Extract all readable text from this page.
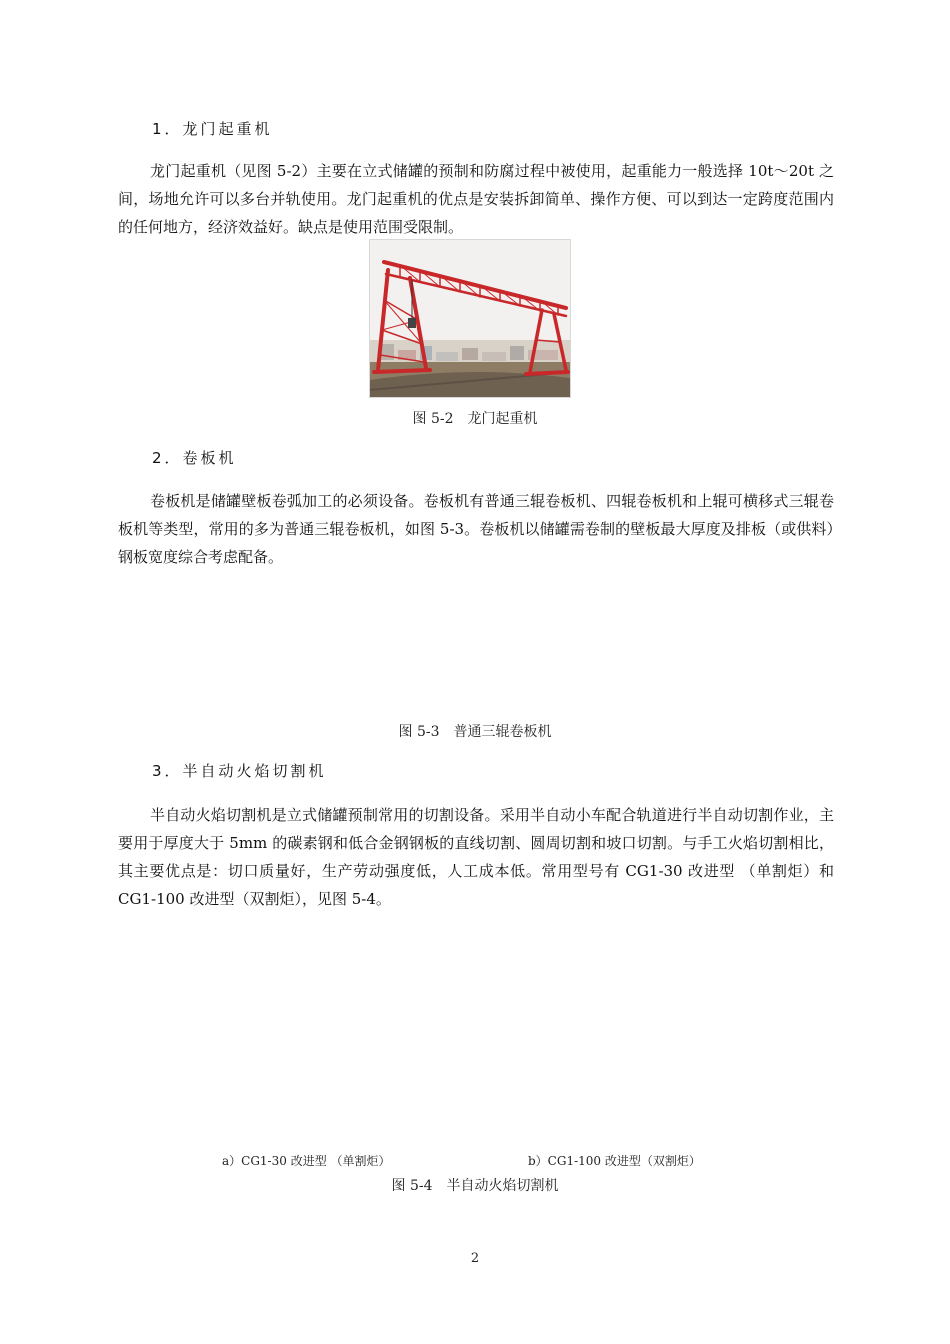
1．龙门起重机
龙门起重机（见图 5-2）主要在立式储罐的预制和防腐过程中被使用，起重能力一般选择 10t～20t 之间，场地允许可以多台并轨使用。龙门起重机的优点是安装拆卸简单、操作方便、可以到达一定跨度范围内的任何地方，经济效益好。缺点是使用范围受限制。
图 5-2　龙门起重机
2．卷板机
卷板机是储罐壁板卷弧加工的必须设备。卷板机有普通三辊卷板机、四辊卷板机和上辊可横移式三辊卷板机等类型，常用的多为普通三辊卷板机，如图 5-3。卷板机以储罐需卷制的壁板最大厚度及排板（或供料）钢板宽度综合考虑配备。
图 5-3　普通三辊卷板机
3．半自动火焰切割机
半自动火焰切割机是立式储罐预制常用的切割设备。采用半自动小车配合轨道进行半自动切割作业，主要用于厚度大于 5mm 的碳素钢和低合金钢钢板的直线切割、圆周切割和坡口切割。与手工火焰切割相比，其主要优点是：切口质量好，生产劳动强度低，人工成本低。常用型号有 CG1-30 改进型 （单割炬）和 CG1-100 改进型（双割炬），见图 5-4。
a）CG1-30 改进型 （单割炬）	b）CG1-100 改进型（双割炬）
图 5-4　半自动火焰切割机
2
